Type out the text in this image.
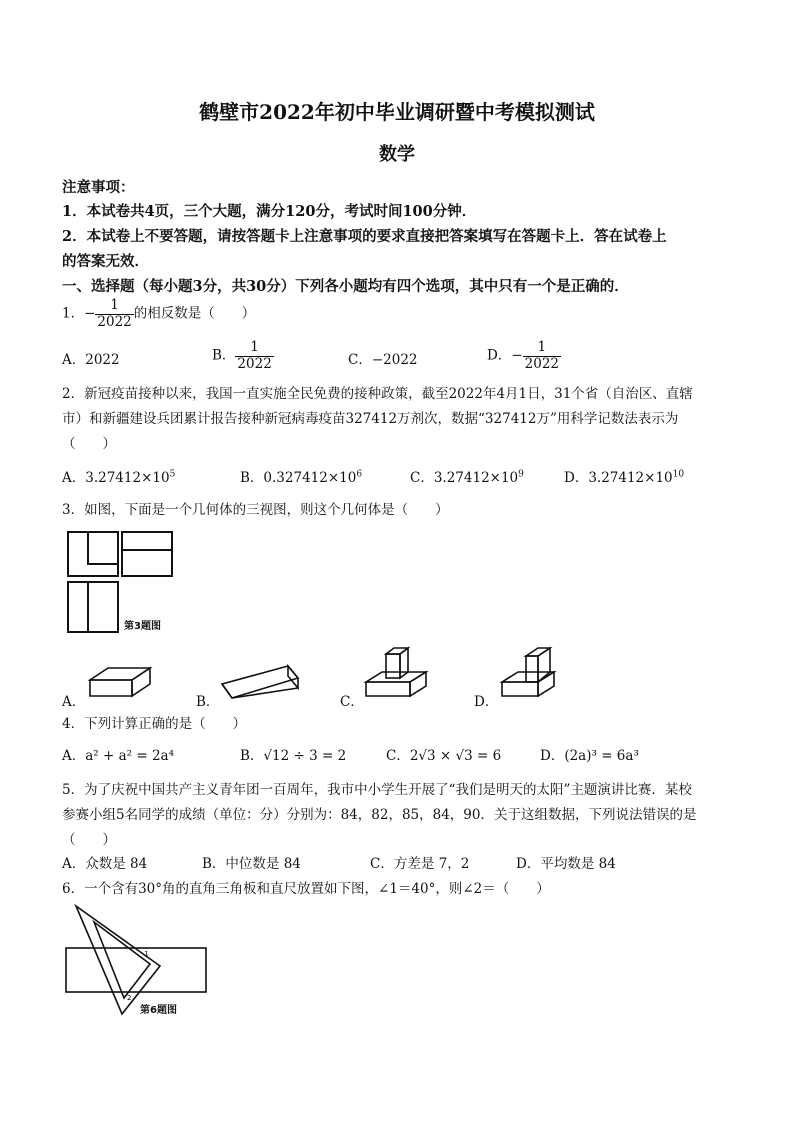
鹤壁市2022年初中毕业调研暨中考模拟测试
数学
注意事项：
1．本试卷共4页，三个大题，满分120分，考试时间100分钟．
2．本试卷上不要答题，请按答题卡上注意事项的要求直接把答案填写在答题卡上．答在试卷上
的答案无效．
一、选择题（每小题3分，共30分）下列各小题均有四个选项，其中只有一个是正确的．
1．− $\frac{1}{2022}$ 的相反数是（　　）
A．2022	B． $\frac{1}{2022}$	C．−2022	D．− $\frac{1}{2022}$
2．新冠疫苗接种以来，我国一直实施全民免费的接种政策，截至2022年4月1日，31个省（自治区、直辖
市）和新疆建设兵团累计报告接种新冠病毒疫苗327412万剂次，数据“327412万”用科学记数法表示为
（　　）
A．$3.27412\times 10^5$	B．$0.327412\times 10^6$	C．$3.27412\times 10^9$	D．$3.27412\times 10^{10}$
3．如图，下面是一个几何体的三视图，则这个几何体是（　　）
第3题图
A．	B．	C．	D．
4．下列计算正确的是（　　）
A．a² + a² = 2a⁴	B．√12 ÷ 3 = 2	C．2√3 × √3 = 6	D．(2a)³ = 6a³
5．为了庆祝中国共产主义青年团一百周年，我市中小学生开展了“我们是明天的太阳”主题演讲比赛．某校
参赛小组5名同学的成绩（单位：分）分别为：84，82，85，84，90．关于这组数据，下列说法错误的是
（　　）
A．众数是 84	B．中位数是 84	C．方差是 7，2	D．平均数是 84
6．一个含有30°角的直角三角板和直尺放置如下图，∠1＝40°，则∠2＝（　　）
1
2
第6题图
